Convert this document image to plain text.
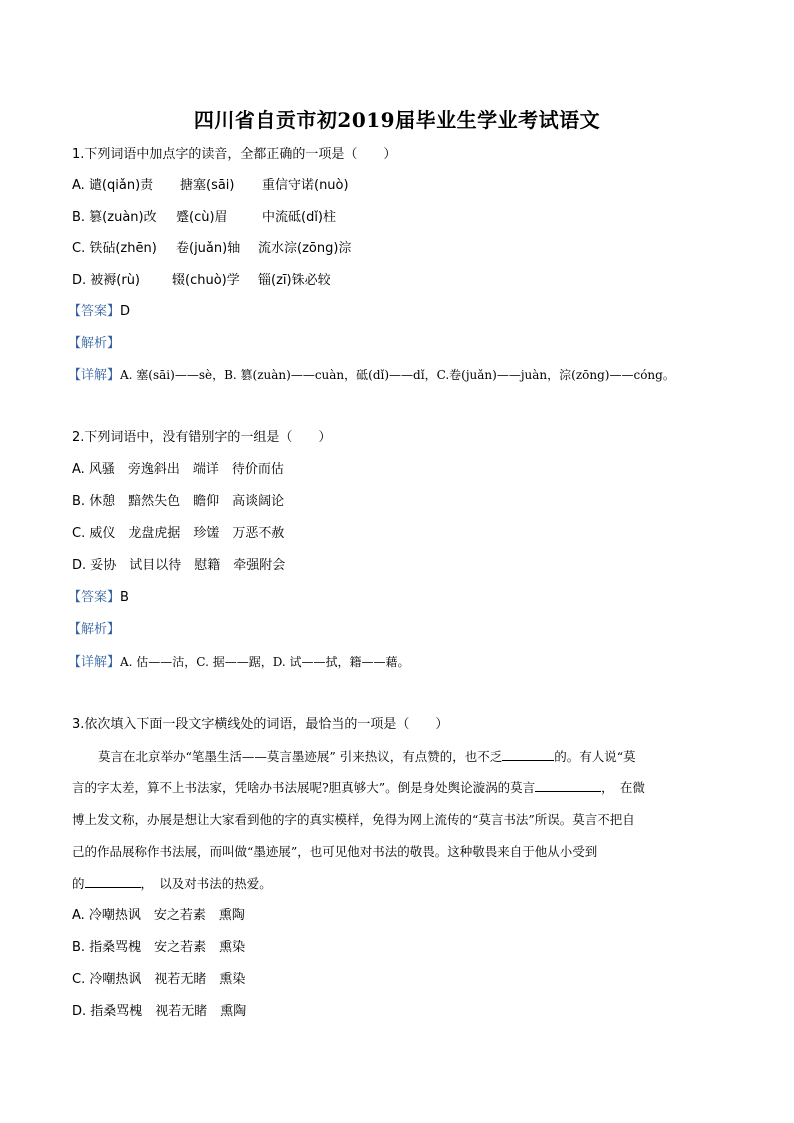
四川省自贡市初2019届毕业生学业考试语文
1.下列词语中加点字的读音，全都正确的一项是（　　）
A. 谴(qiǎn)责 搪塞(sāi) 重信守诺(nuò)
B. 篡(zuàn)改 蹙(cù)眉	中流砥(dǐ)柱
C. 铁砧(zhēn) 卷(juǎn)轴 流水淙(zōng)淙
D. 被褥(rù) 辍(chuò)学 锱(zī)铢必较
【答案】D
【解析】
【详解】A. 塞(sāi)——sè，B. 篡(zuàn)——cuàn，砥(dǐ)——dǐ，C.卷(juǎn)——juàn，淙(zōng)——cóng。
2.下列词语中，没有错别字的一组是（　　）
A. 风骚　旁逸斜出　端详　待价而估
B. 休憩　黯然失色　瞻仰　高谈阔论
C. 威仪　龙盘虎据　珍馐　万恶不赦
D. 妥协　试目以待　慰籍　牵强附会
【答案】B
【解析】
【详解】A. 估——沽，C. 据——踞，D. 试——拭，籍——藉。
3.依次填入下面一段文字横线处的词语，最恰当的一项是（　　）
莫言在北京举办“笔墨生活——莫言墨迹展” 引来热议，有点赞的，也不乏	的。有人说“莫
言的字太差，算不上书法家，凭啥办书法展呢?胆真够大”。倒是身处舆论漩涡的莫言	，　在微
博上发文称，办展是想让大家看到他的字的真实模样，免得为网上流传的“莫言书法”所误。莫言不把自
己的作品展称作书法展，而叫做“墨迹展”，也可见他对书法的敬畏。这种敬畏来自于他从小受到
的	，　以及对书法的热爱。
A. 冷嘲热讽　安之若素　熏陶
B. 指桑骂槐　安之若素　熏染
C. 冷嘲热讽　视若无睹　熏染
D. 指桑骂槐　视若无睹　熏陶
